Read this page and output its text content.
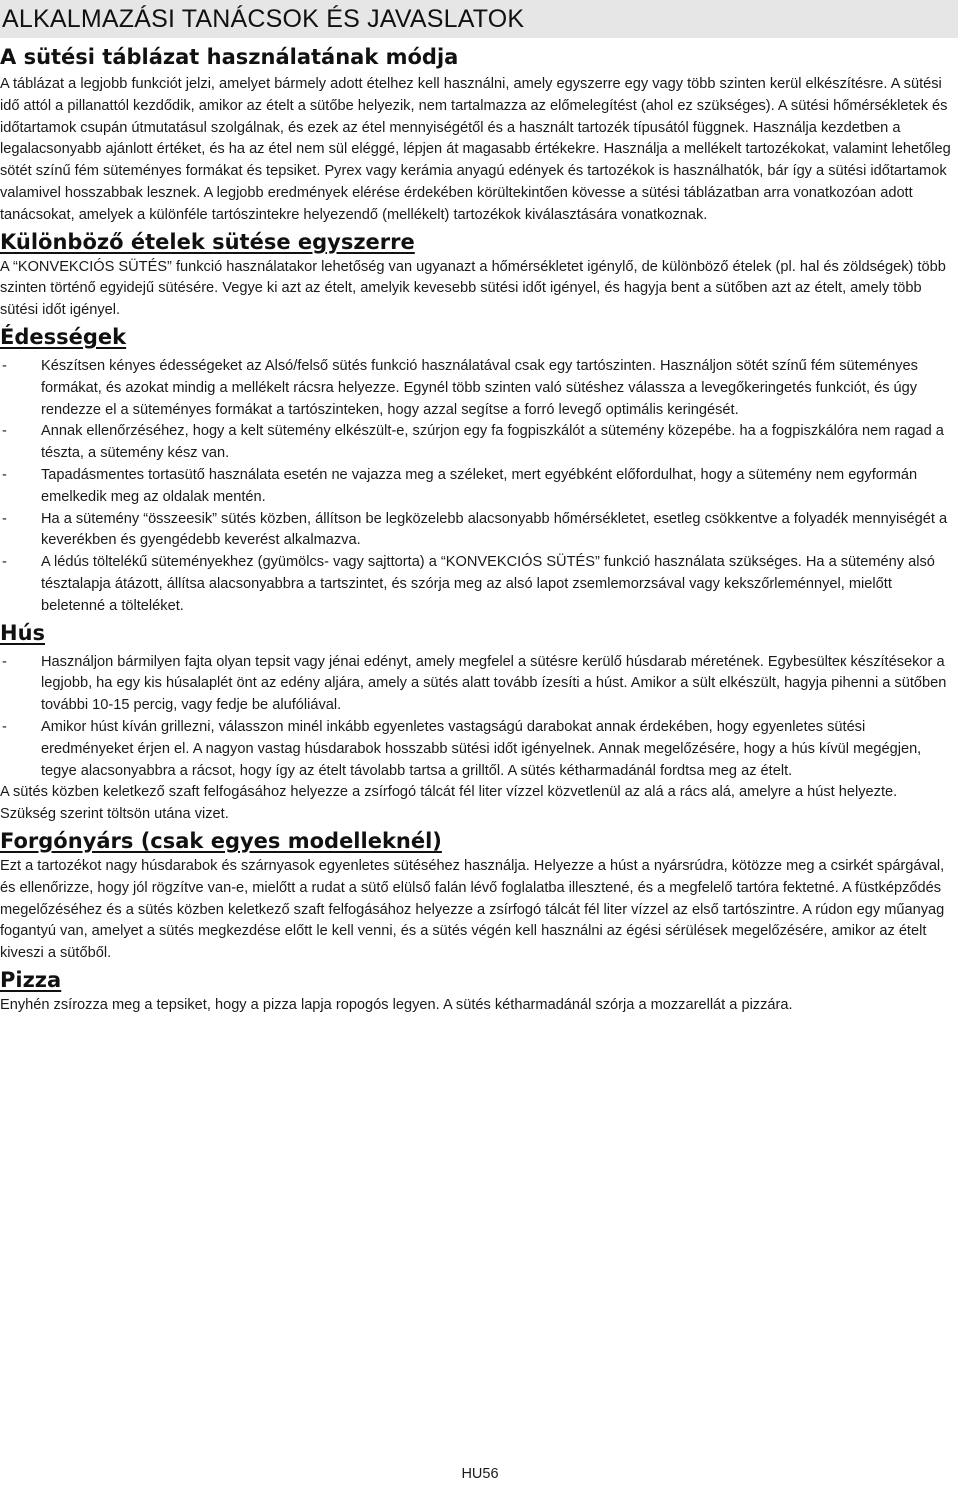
ALKALMAZÁSI TANÁCSOK ÉS JAVASLATOK
A sütési táblázat használatának módja

A táblázat a legjobb funkciót jelzi, amelyet bármely adott ételhez kell használni, amely egyszerre egy vagy több szinten kerül elkészítésre. A sütési idő attól a pillanattól kezdődik, amikor az ételt a sütőbe helyezik, nem tartalmazza az előmelegítést (ahol ez szükséges). A sütési hőmérsékletek és időtartamok csupán útmutatásul szolgálnak, és ezek az étel mennyiségétől és a használt tartozék típusától függnek. Használja kezdetben a legalacsonyabb ajánlott értéket, és ha az étel nem sül eléggé, lépjen át magasabb értékekre. Használja a mellékelt tartozékokat, valamint lehetőleg sötét színű fém süteményes formákat és tepsiket. Pyrex vagy kerámia anyagú edények és tartozékok is használhatók, bár így a sütési időtartamok valamivel hosszabbak lesznek. A legjobb eredmények elérése érdekében körültekintően kövesse a sütési táblázatban arra vonatkozóan adott tanácsokat, amelyek a különféle tartószintekre helyezendő (mellékelt) tartozékok kiválasztására vonatkoznak.

Különböző ételek sütése egyszerre

A “KONVEKCIÓS SÜTÉS” funkció használatakor lehetőség van ugyanazt a hőmérsékletet igénylő, de különböző ételek (pl. hal és zöldségek) több szinten történő egyidejű sütésére. Vegye ki azt az ételt, amelyik kevesebb sütési időt igényel, és hagyja bent a sütőben azt az ételt, amely több sütési időt igényel.

Édességek
- Készítsen kényes édességeket az Alsó/felső sütés funkció használatával csak egy tartószinten. Használjon sötét színű fém süteményes formákat, és azokat mindig a mellékelt rácsra helyezze. Egynél több szinten való sütéshez válassza a levegőkeringetés funkciót, és úgy rendezze el a süteményes formákat a tartószinteken, hogy azzal segítse a forró levegő optimális keringését.
- Annak ellenőrzéséhez, hogy a kelt sütemény elkészült-e, szúrjon egy fa fogpiszkálót a sütemény közepébe. ha a fogpiszkálóra nem ragad a tészta, a sütemény kész van.
- Tapadásmentes tortasütő használata esetén ne vajazza meg a széleket, mert egyébként előfordulhat, hogy a sütemény nem egyformán emelkedik meg az oldalak mentén.
- Ha a sütemény “összeesik” sütés közben, állítson be legközelebb alacsonyabb hőmérsékletet, esetleg csökkentve a folyadék mennyiségét a keverékben és gyengédebb keverést alkalmazva.
- A lédús töltelékű süteményekhez (gyümölcs- vagy sajttorta) a “KONVEKCIÓS SÜTÉS” funkció használata szükséges. Ha a sütemény alsó tésztalapja átázott, állítsa alacsonyabbra a tartszintet, és szórja meg az alsó lapot zsemlemorzsával vagy kekszőrleménnyel, mielőtt beletenné a tölteléket.
Hús
- Használjon bármilyen fajta olyan tepsit vagy jénai edényt, amely megfelel a sütésre kerülő húsdarab méretének. Egybesülteк készítésekor a legjobb, ha egy kis húsalaplét önt az edény aljára, amely a sütés alatt tovább ízesíti a húst. Amikor a sült elkészült, hagyja pihenni a sütőben további 10-15 percig, vagy fedje be alufóliával.
- Amikor húst kíván grillezni, válasszon minél inkább egyenletes vastagságú darabokat annak érdekében, hogy egyenletes sütési eredményeket érjen el. A nagyon vastag húsdarabok hosszabb sütési időt igényelnek. Annak megelőzésére, hogy a hús kívül megégjen, tegye alacsonyabbra a rácsot, hogy így az ételt távolabb tartsa a grilltől. A sütés kétharmadánál fordtsa meg az ételt.

A sütés közben keletkező szaft felfogásához helyezze a zsírfogó tálcát fél liter vízzel közvetlenül az alá a rács alá, amelyre a húst helyezte. Szükség szerint töltsön utána vizet.

Forgónyárs (csak egyes modelleknél)

Ezt a tartozékot nagy húsdarabok és szárnyasok egyenletes sütéséhez használja. Helyezze a húst a nyársrúdra, kötözze meg a csirkét spárgával, és ellenőrizze, hogy jól rögzítve van-e, mielőtt a rudat a sütő elülső falán lévő foglalatba illesztené, és a megfelelő tartóra fektetné. A füstképződés megelőzéséhez és a sütés közben keletkező szaft felfogásához helyezze a zsírfogó tálcát fél liter vízzel az első tartószintre. A rúdon egy műanyag fogantyú van, amelyet a sütés megkezdése előtt le kell venni, és a sütés végén kell használni az égési sérülések megelőzésére, amikor az ételt kiveszi a sütőből.

Pizza

Enyhén zsírozza meg a tepsiket, hogy a pizza lapja ropogós legyen. A sütés kétharmadánál szórja a mozzarellát a pizzára.

HU56
